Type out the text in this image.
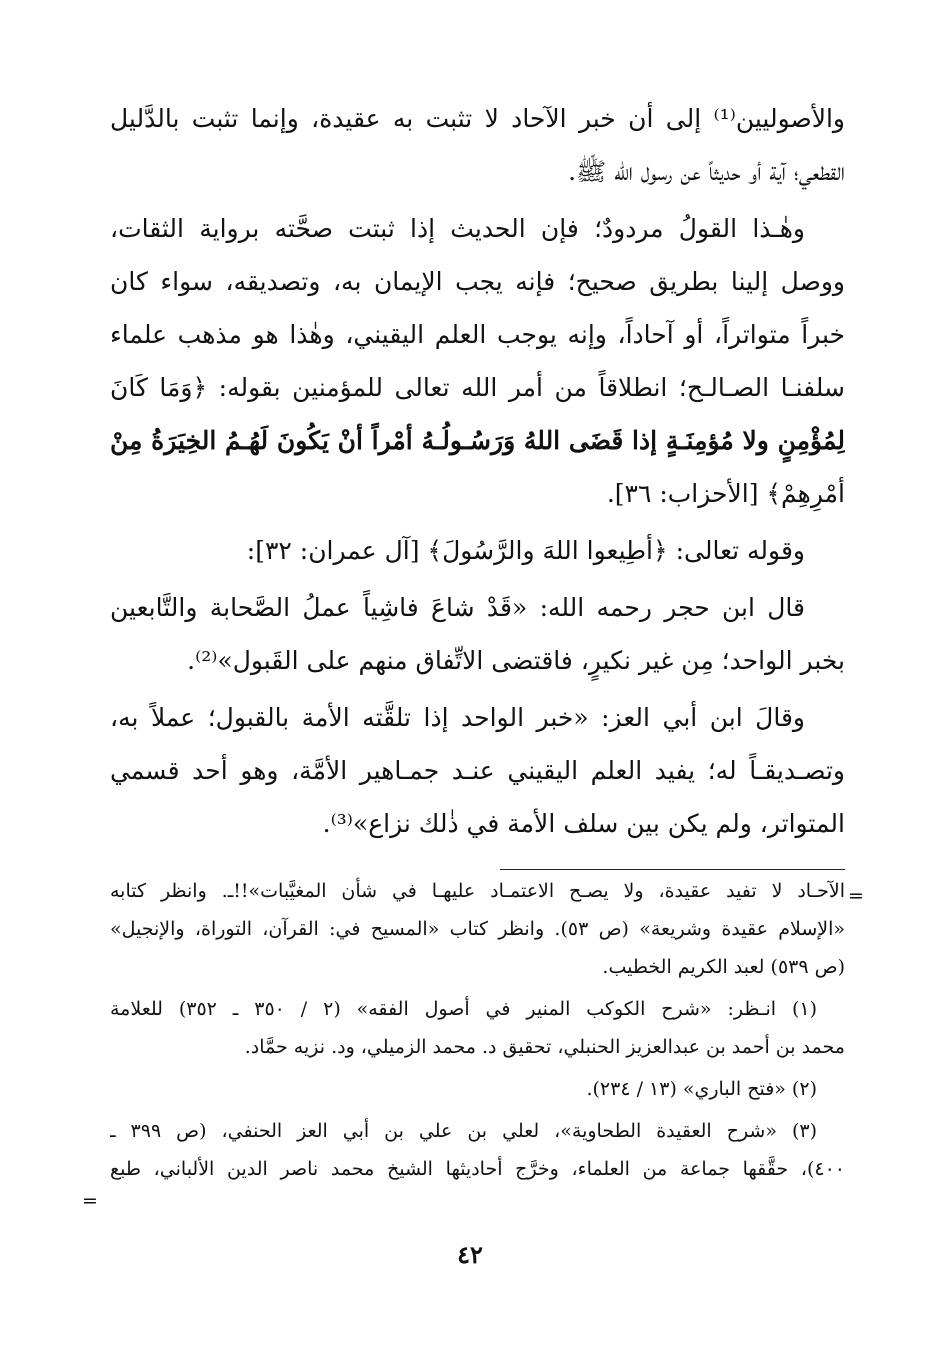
والأصوليين⁽¹⁾ إلى أن خبر الآحاد لا تثبت به عقيدة، وإنما تثبت بالدَّليل
القطعي؛ آية أو حديثاً عن رسول الله ﷺ.
وهٰـذا القولُ مردودٌ؛ فإن الحديث إذا ثبتت صحَّته برواية الثقات،
ووصل إلينا بطريق صحيح؛ فإنه يجب الإيمان به، وتصديقه، سواء كان
خبراً متواتراً، أو آحاداً، وإنه يوجب العلم اليقيني، وهٰذا هو مذهب علماء
سلفنـا الصـالـح؛ انطلاقاً من أمر الله تعالى للمؤمنين بقوله: ﴿وَمَا كَانَ
لِمُؤْمِنٍ ولا مُؤمِنَـةٍ إذا قَضَى اللهُ وَرَسُـولُـهُ أمْراً أنْ يَكُونَ لَهُـمُ الخِيَرَةُ مِنْ
أمْرِهِمْ﴾ [الأحزاب: ٣٦].
وقوله تعالى: ﴿أطِيعوا اللهَ والرَّسُولَ﴾ [آل عمران: ٣٢]:
قال ابن حجر رحمه الله: «قَدْ شاعَ فاشِياً عملُ الصَّحابة والتَّابعين
بخبر الواحد؛ مِن غير نكيرٍ، فاقتضى الاتِّفاق منهم على القَبول»⁽²⁾.
وقالَ ابن أبي العز: «خبر الواحد إذا تلقَّته الأمة بالقبول؛ عملاً به،
وتصـديقـاً له؛ يفيد العلم اليقيني عنـد جمـاهير الأمَّة، وهو أحد قسمي
المتواتر، ولم يكن بين سلف الأمة في ذٰلك نزاع»⁽³⁾.
=
الآحـاد لا تفيد عقيدة، ولا يصـح الاعتمـاد عليهـا في شأن المغيَّبات»!!ـ. وانظر كتابه
«الإسلام عقيدة وشريعة» (ص ٥٣). وانظر كتاب «المسيح في: القرآن، التوراة، والإنجيل»
(ص ٥٣٩) لعبد الكريم الخطيب.
(١) انـظر: «شرح الكوكب المنير في أصول الفقه» (٢ / ٣٥٠ ـ ٣٥٢) للعلامة
محمد بن أحمد بن عبدالعزيز الحنبلي، تحقيق د. محمد الزميلي، ود. نزيه حمَّاد.
(٢) «فتح الباري» (١٣ / ٢٣٤).
(٣) «شرح العقيدة الطحاوية»، لعلي بن علي بن أبي العز الحنفي، (ص ٣٩٩ ـ
٤٠٠)، حقَّقها جماعة من العلماء، وخرَّج أحاديثها الشيخ محمد ناصر الدين الألباني، طبع
=
٤٢
